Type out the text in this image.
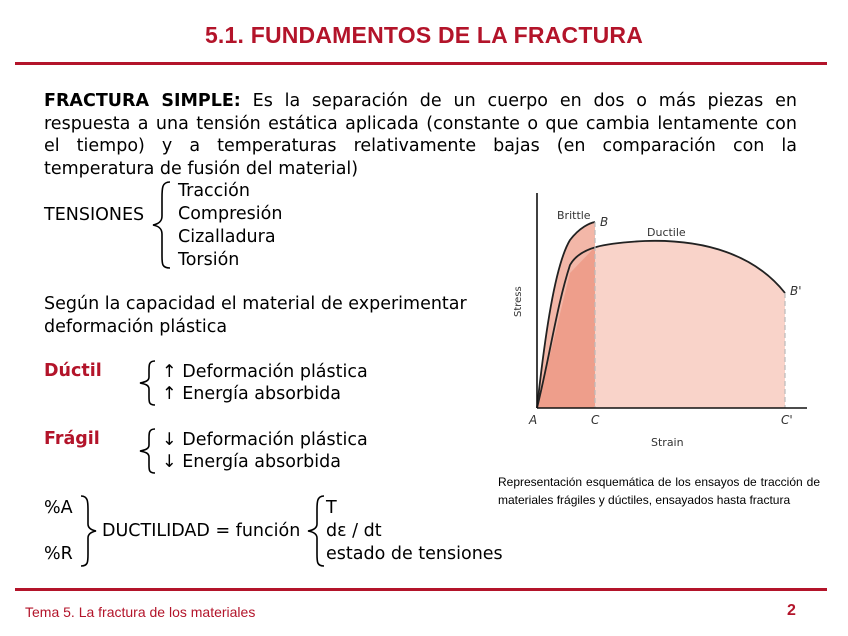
5.1. FUNDAMENTOS DE LA FRACTURA
FRACTURA SIMPLE: Es la separación de un cuerpo en dos o más piezas en respuesta a una tensión estática aplicada (constante o que cambia lentamente con el tiempo) y a temperaturas relativamente bajas (en comparación con la temperatura de fusión del material)
TENSIONES
Tracción
Compresión
Cizalladura
Torsión
Según la capacidad el material de experimentar
deformación plástica
Dúctil	↑ Deformación plástica
↑ Energía absorbida
Frágil	↓ Deformación plástica
↓ Energía absorbida
%A
%R
DUCTILIDAD = función
T
dε / dt
estado de tensiones
Brittle B
Ductile
B'
A	C	C'
Strain
Stress
Representación esquemática de los ensayos de tracción de materiales frágiles y dúctiles, ensayados hasta fractura
Tema 5. La fractura de los materiales	2
